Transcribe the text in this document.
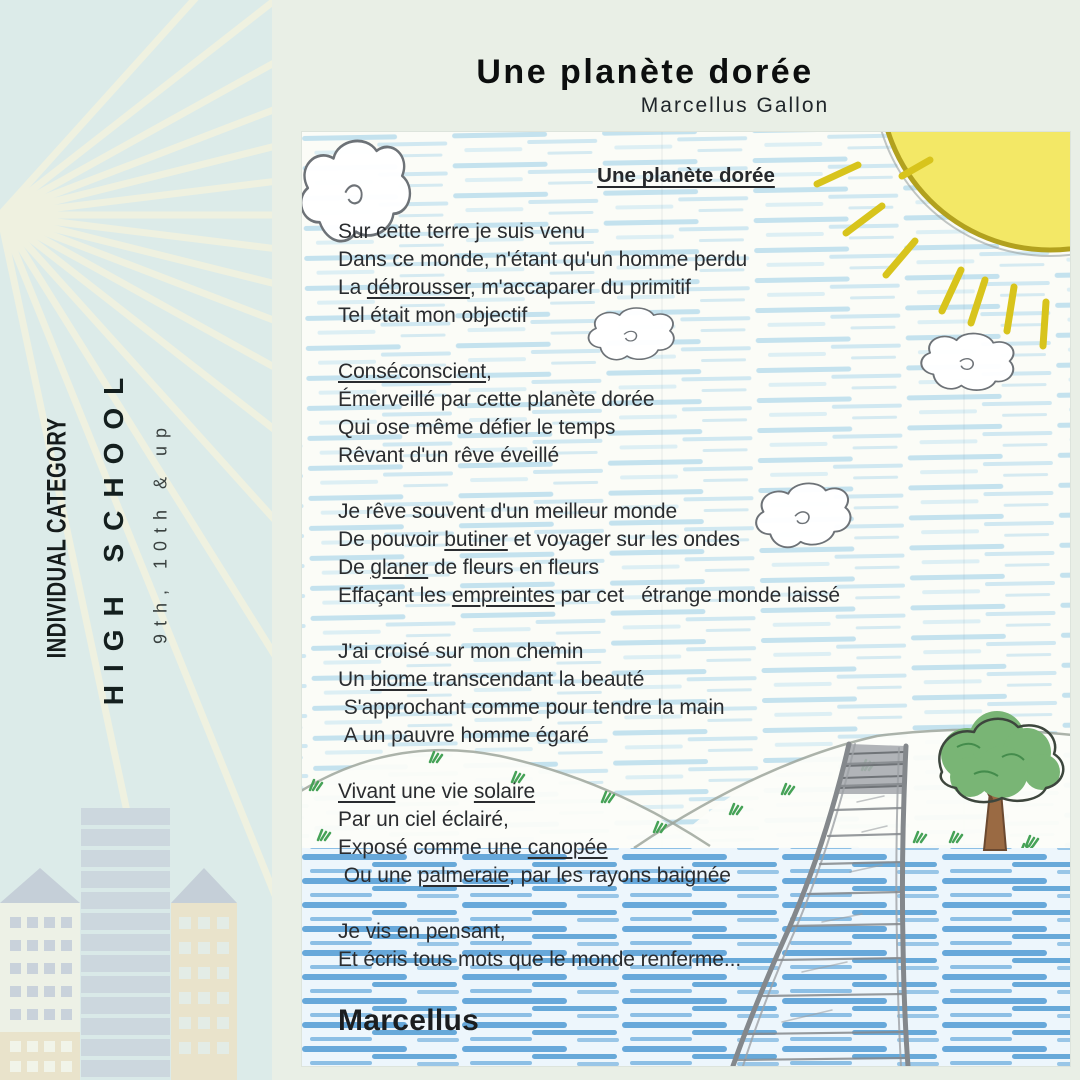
INDIVIDUAL CATEGORY HIGH SCHOOL 9th, 10th & up
Une planète dorée
Marcellus Gallon
Une planète dorée
Sur cette terre je suis venu
Dans ce monde, n'étant qu'un homme perdu
La débrousser, m'accaparer du primitif
Tel était mon objectif
Conséconscient,
Émerveillé par cette planète dorée
Qui ose même défier le temps
Rêvant d'un rêve éveillé
Je rêve souvent d'un meilleur monde
De pouvoir butiner et voyager sur les ondes
De glaner de fleurs en fleurs
Effaçant les empreintes par cet   étrange monde laissé
J'ai croisé sur mon chemin
Un biome transcendant la beauté
S'approchant comme pour tendre la main
A un pauvre homme égaré
Vivant une vie solaire
Par un ciel éclairé,
Exposé comme une canopée
Ou une palmeraie, par les rayons baignée
Je vis en pensant,
Et écris tous mots que le monde renferme...
Marcellus
